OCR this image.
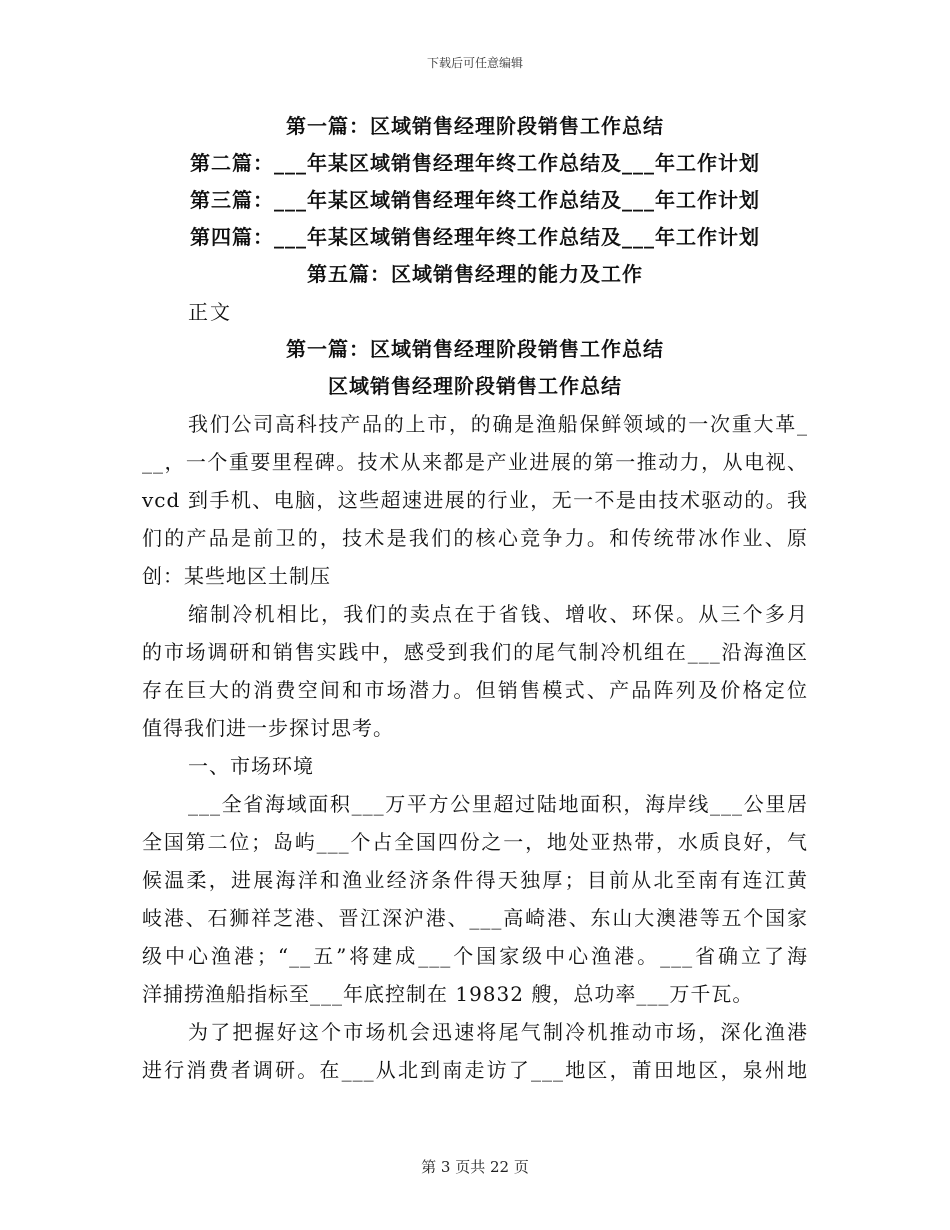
下载后可任意编辑
第一篇：区域销售经理阶段销售工作总结
第二篇：___年某区域销售经理年终工作总结及___年工作计划
第三篇：___年某区域销售经理年终工作总结及___年工作计划
第四篇：___年某区域销售经理年终工作总结及___年工作计划
第五篇：区域销售经理的能力及工作
正文
第一篇：区域销售经理阶段销售工作总结
区域销售经理阶段销售工作总结
我们公司高科技产品的上市，的确是渔船保鲜领域的一次重大革_
__，一个重要里程碑。技术从来都是产业进展的第一推动力，从电视、
vcd 到手机、电脑，这些超速进展的行业，无一不是由技术驱动的。我
们的产品是前卫的，技术是我们的核心竞争力。和传统带冰作业、原
创：某些地区土制压
缩制冷机相比，我们的卖点在于省钱、增收、环保。从三个多月
的市场调研和销售实践中，感受到我们的尾气制冷机组在___沿海渔区
存在巨大的消费空间和市场潜力。但销售模式、产品阵列及价格定位
值得我们进一步探讨思考。
一、市场环境
___全省海域面积___万平方公里超过陆地面积，海岸线___公里居
全国第二位；岛屿___个占全国四份之一，地处亚热带，水质良好，气
候温柔，进展海洋和渔业经济条件得天独厚；目前从北至南有连江黄
岐港、石狮祥芝港、晋江深沪港、___高崎港、东山大澳港等五个国家
级中心渔港；“__五”将建成___个国家级中心渔港。___省确立了海
洋捕捞渔船指标至___年底控制在 19832 艘，总功率___万千瓦。
为了把握好这个市场机会迅速将尾气制冷机推动市场，深化渔港
进行消费者调研。在___从北到南走访了___地区，莆田地区，泉州地
第 3 页共 22 页
